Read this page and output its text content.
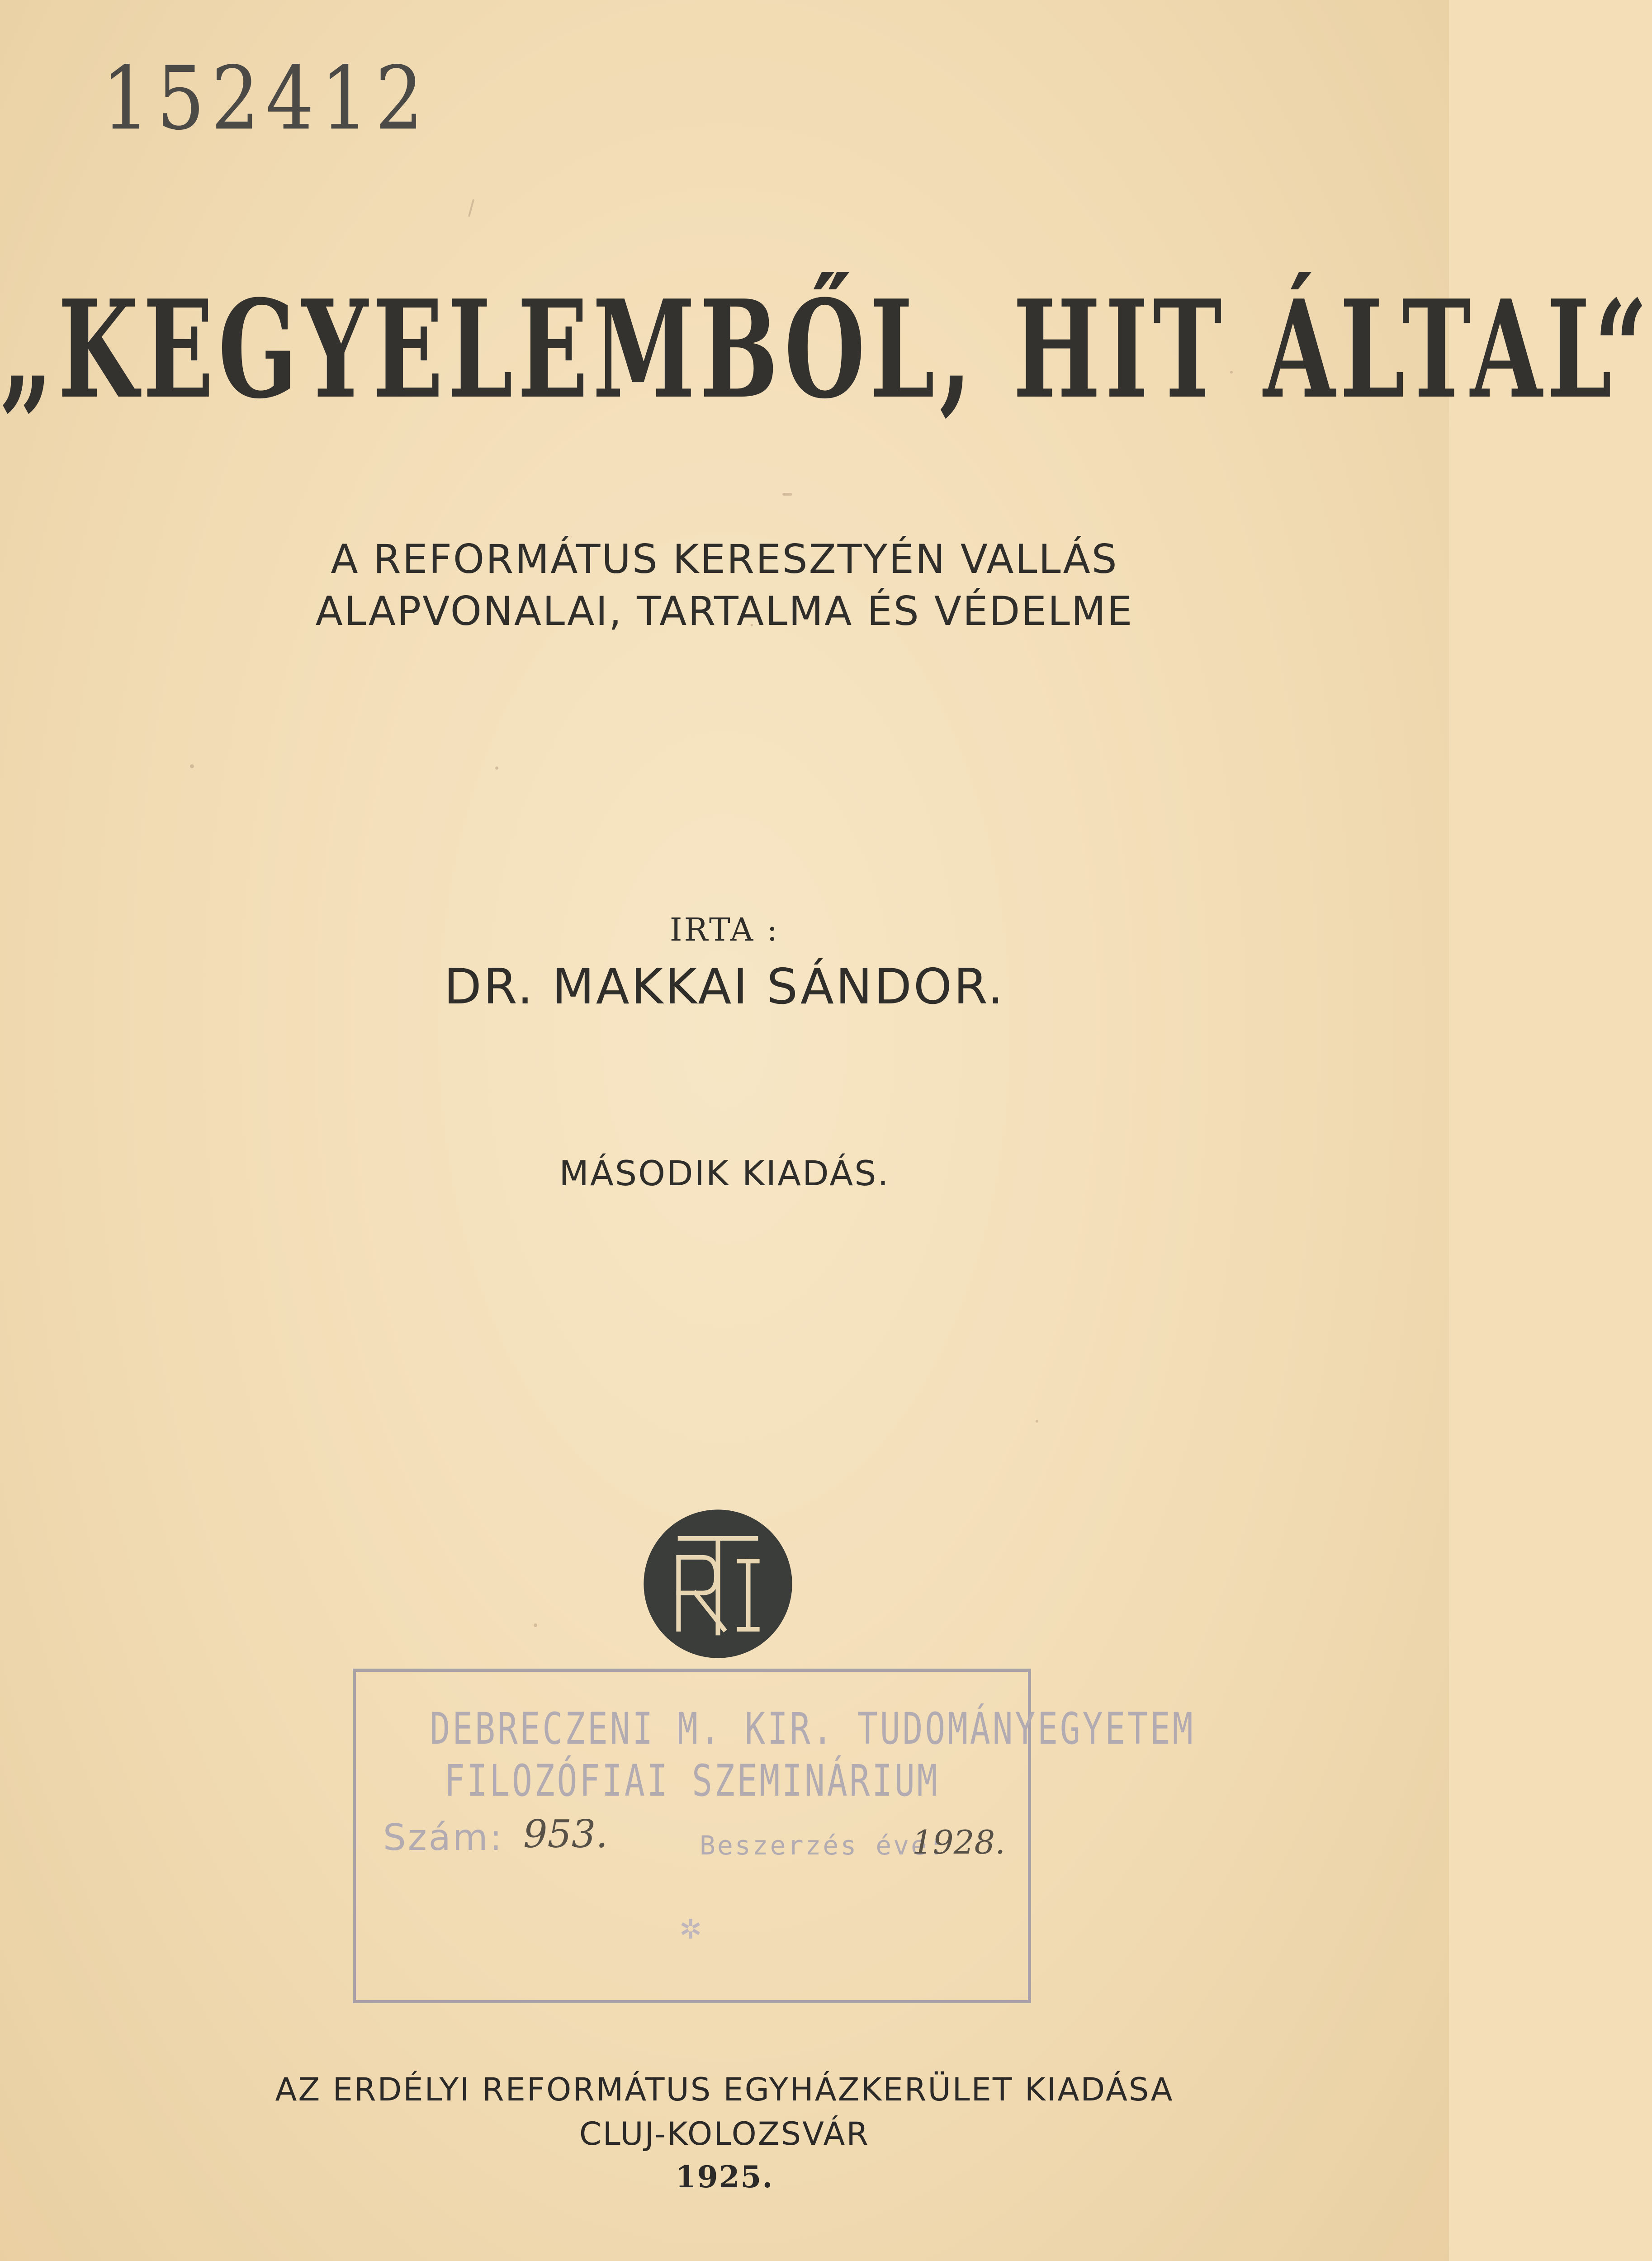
152412
„KEGYELEMBŐL, HIT ÁLTAL“
A REFORMÁTUS KERESZTYÉN VALLÁS
ALAPVONALAI, TARTALMA ÉS VÉDELME
IRTA :
DR. MAKKAI SÁNDOR.
MÁSODIK KIADÁS.
DEBRECZENI M. KIR. TUDOMÁNYEGYETEM
FILOZÓFIAI SZEMINÁRIUM
Szám: 953.	Beszerzés éve:
1928.
✲
AZ ERDÉLYI REFORMÁTUS EGYHÁZKERÜLET KIADÁSA
CLUJ-KOLOZSVÁR
1925.
